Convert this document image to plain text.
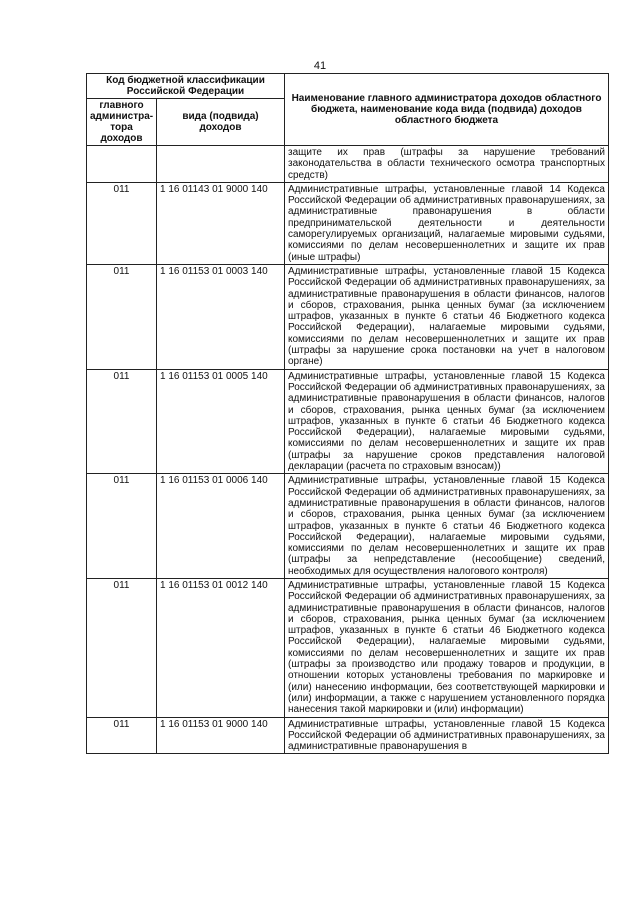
41
Код бюджетной классификации Российской Федерации		Наименование главного администратора доходов областного бюджета, наименование кода вида (подвида) доходов областного бюджета
главного администра-тора доходов	вида (подвида) доходов	
		защите их прав (штрафы за нарушение требований законодательства в области технического осмотра транспортных средств)
011	1 16 01143 01 9000 140	Административные штрафы, установленные главой 14 Кодекса Российской Федерации об административных правонарушениях, за административные правонарушения в области предпринимательской деятельности и деятельности саморегулируемых организаций, налагаемые мировыми судьями, комиссиями по делам несовершеннолетних и защите их прав (иные штрафы)
011	1 16 01153 01 0003 140	Административные штрафы, установленные главой 15 Кодекса Российской Федерации об административных правонарушениях, за административные правонарушения в области финансов, налогов и сборов, страхования, рынка ценных бумаг (за исключением штрафов, указанных в пункте 6 статьи 46 Бюджетного кодекса Российской Федерации), налагаемые мировыми судьями, комиссиями по делам несовершеннолетних и защите их прав (штрафы за нарушение срока постановки на учет в налоговом органе)
011	1 16 01153 01 0005 140	Административные штрафы, установленные главой 15 Кодекса Российской Федерации об административных правонарушениях, за административные правонарушения в области финансов, налогов и сборов, страхования, рынка ценных бумаг (за исключением штрафов, указанных в пункте 6 статьи 46 Бюджетного кодекса Российской Федерации), налагаемые мировыми судьями, комиссиями по делам несовершеннолетних и защите их прав (штрафы за нарушение сроков представления налоговой декларации (расчета по страховым взносам))
011	1 16 01153 01 0006 140	Административные штрафы, установленные главой 15 Кодекса Российской Федерации об административных правонарушениях, за административные правонарушения в области финансов, налогов и сборов, страхования, рынка ценных бумаг (за исключением штрафов, указанных в пункте 6 статьи 46 Бюджетного кодекса Российской Федерации), налагаемые мировыми судьями, комиссиями по делам несовершеннолетних и защите их прав (штрафы за непредставление (несообщение) сведений, необходимых для осуществления налогового контроля)
011	1 16 01153 01 0012 140	Административные штрафы, установленные главой 15 Кодекса Российской Федерации об административных правонарушениях, за административные правонарушения в области финансов, налогов и сборов, страхования, рынка ценных бумаг (за исключением штрафов, указанных в пункте 6 статьи 46 Бюджетного кодекса Российской Федерации), налагаемые мировыми судьями, комиссиями по делам несовершеннолетних и защите их прав (штрафы за производство или продажу товаров и продукции, в отношении которых установлены требования по маркировке и (или) нанесению информации, без соответствующей маркировки и (или) информации, а также с нарушением установленного порядка нанесения такой маркировки и (или) информации)
011	1 16 01153 01 9000 140	Административные штрафы, установленные главой 15 Кодекса Российской Федерации об административных правонарушениях, за административные правонарушения в
